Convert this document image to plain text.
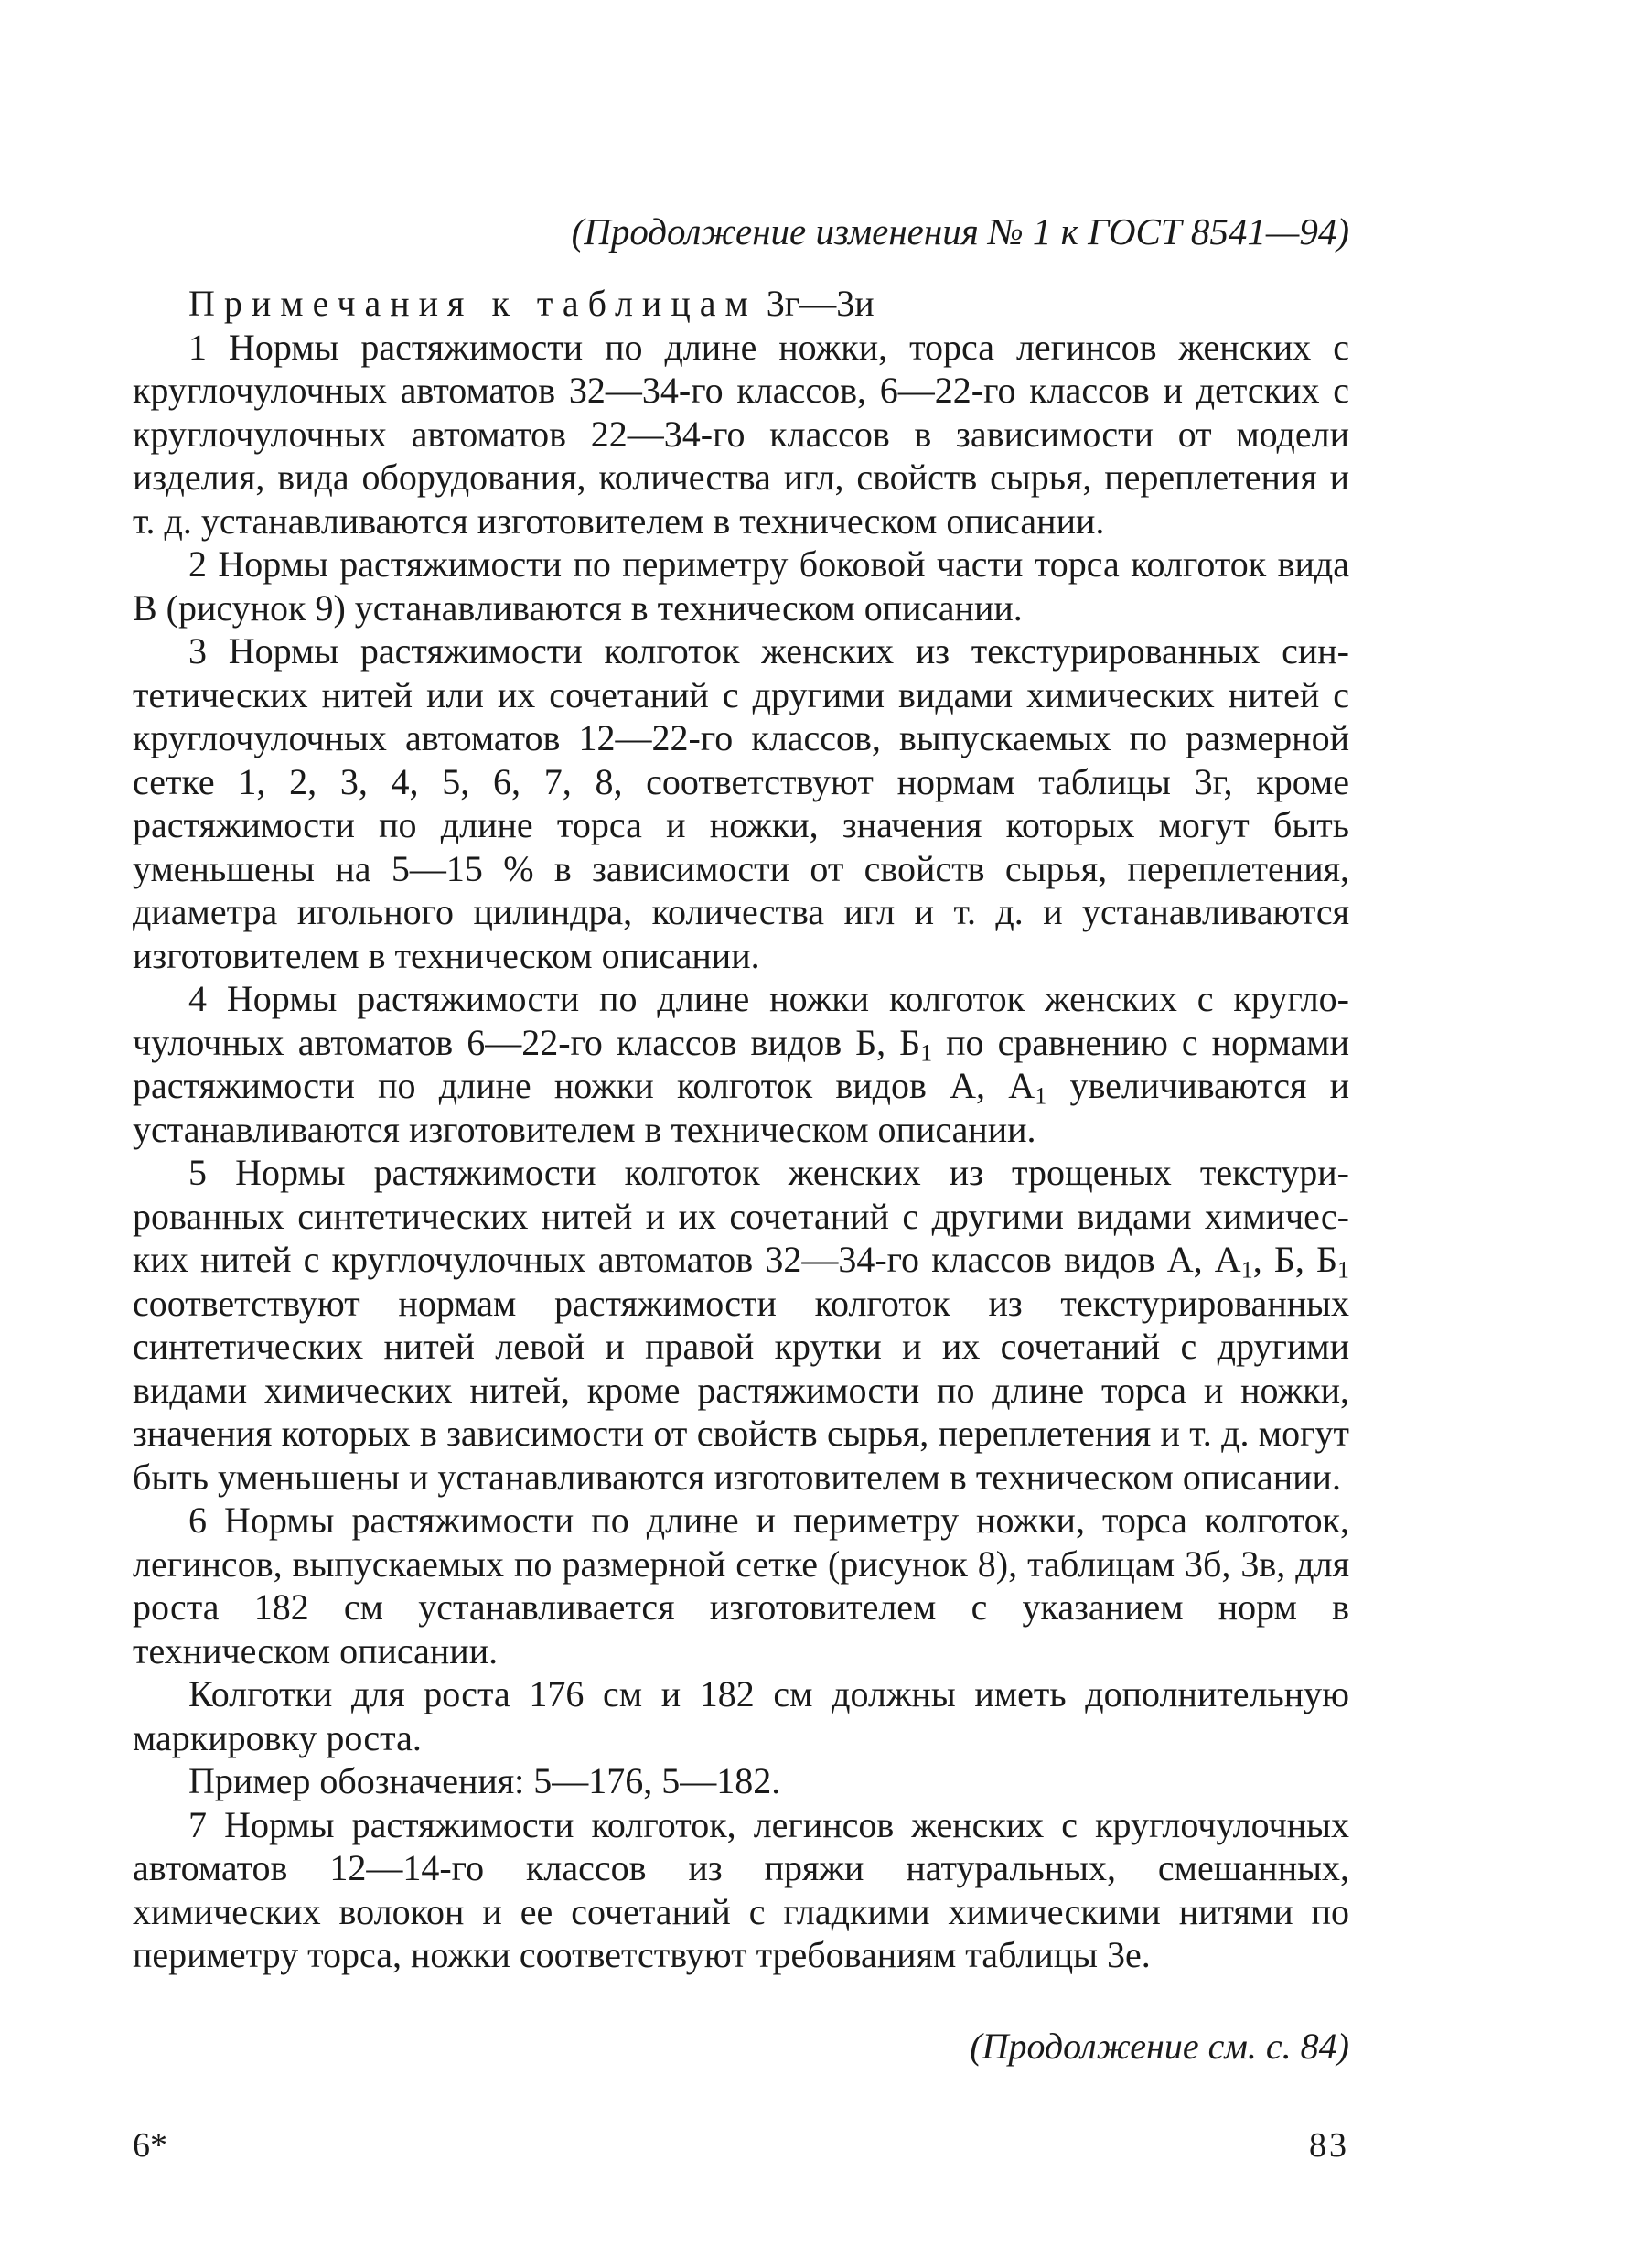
(Продолжение изменения № 1 к ГОСТ 8541—94)

Примечания к таблицам 3г—3и

1 Нормы растяжимости по длине ножки, торса легинсов женских с круглочулочных автоматов 32—34-го классов, 6—22-го классов и детских с круглочулочных автоматов 22—34-го классов в зависимости от модели изделия, вида оборудования, количества игл, свойств сырья, переплетения и т. д. устанавливаются изготовителем в техническом описании.

2 Нормы растяжимости по периметру боковой части торса колготок вида В (рисунок 9) устанавливаются в техническом описании.

3 Нормы растяжимости колготок женских из текстурированных синтетических нитей или их сочетаний с другими видами химических нитей с круглочулочных автоматов 12—22-го классов, выпускаемых по размерной сетке 1, 2, 3, 4, 5, 6, 7, 8, соответствуют нормам таблицы 3г, кроме растяжимости по длине торса и ножки, значения которых могут быть уменьшены на 5—15 % в зависимости от свойств сырья, переплетения, диаметра игольного цилиндра, количества игл и т. д. и устанавливаются изготовителем в техническом описании.

4 Нормы растяжимости по длине ножки колготок женских с круглочулочных автоматов 6—22-го классов видов Б, $Б_1$ по сравнению с нормами растяжимости по длине ножки колготок видов А, $А_1$ увеличиваются и устанавливаются изготовителем в техническом описании.

5 Нормы растяжимости колготок женских из трощеных текстурированных синтетических нитей и их сочетаний с другими видами химических нитей с круглочулочных автоматов 32—34-го классов видов А, $А_1$, Б, $Б_1$ соответствуют нормам растяжимости колготок из текстурированных синтетических нитей левой и правой крутки и их сочетаний с другими видами химических нитей, кроме растяжимости по длине торса и ножки, значения которых в зависимости от свойств сырья, переплетения и т. д. могут быть уменьшены и устанавливаются изготовителем в техническом описании.

6 Нормы растяжимости по длине и периметру ножки, торса колготок, легинсов, выпускаемых по размерной сетке (рисунок 8), таблицам 3б, 3в, для роста 182 см устанавливается изготовителем с указанием норм в техническом описании.

Колготки для роста 176 см и 182 см должны иметь дополнительную маркировку роста.

Пример обозначения: 5—176, 5—182.

7 Нормы растяжимости колготок, легинсов женских с круглочулочных автоматов 12—14-го классов из пряжи натуральных, смешанных, химических волокон и ее сочетаний с гладкими химическими нитями по периметру торса, ножки соответствуют требованиям таблицы 3е.

(Продолжение см. с. 84)
6*	83
